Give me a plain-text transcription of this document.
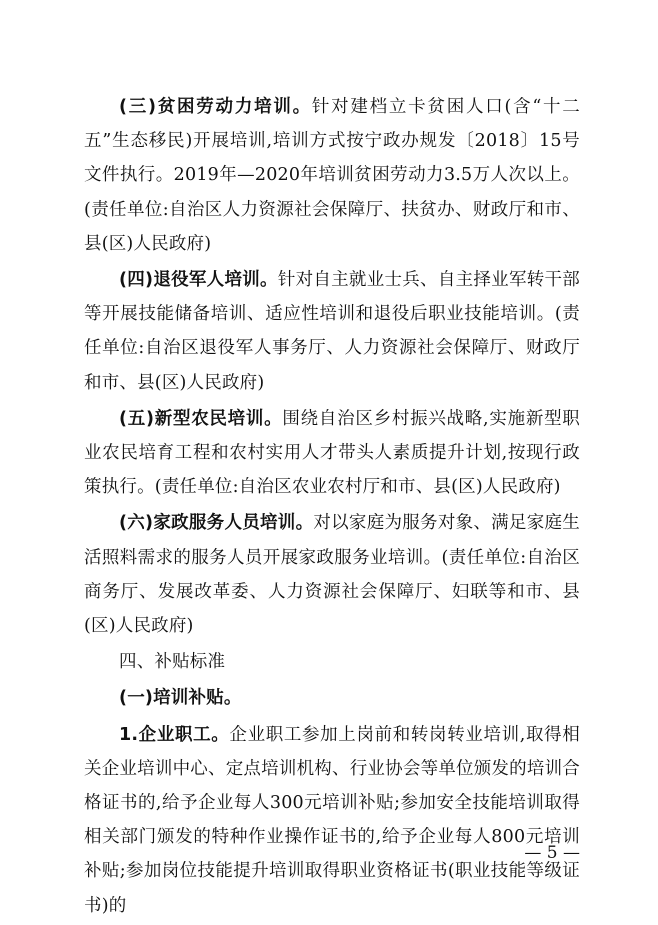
(三)贫困劳动力培训。针对建档立卡贫困人口(含“十二五”生态移民)开展培训,培训方式按宁政办规发〔2018〕15号文件执行。2019年—2020年培训贫困劳动力3.5万人次以上。(责任单位:自治区人力资源社会保障厅、扶贫办、财政厅和市、县(区)人民政府)

(四)退役军人培训。针对自主就业士兵、自主择业军转干部等开展技能储备培训、适应性培训和退役后职业技能培训。(责任单位:自治区退役军人事务厅、人力资源社会保障厅、财政厅和市、县(区)人民政府)

(五)新型农民培训。围绕自治区乡村振兴战略,实施新型职业农民培育工程和农村实用人才带头人素质提升计划,按现行政策执行。(责任单位:自治区农业农村厅和市、县(区)人民政府)

(六)家政服务人员培训。对以家庭为服务对象、满足家庭生活照料需求的服务人员开展家政服务业培训。(责任单位:自治区商务厅、发展改革委、人力资源社会保障厅、妇联等和市、县(区)人民政府)

四、补贴标准

(一)培训补贴。

1.企业职工。企业职工参加上岗前和转岗转业培训,取得相关企业培训中心、定点培训机构、行业协会等单位颁发的培训合格证书的,给予企业每人300元培训补贴;参加安全技能培训取得相关部门颁发的特种作业操作证书的,给予企业每人800元培训补贴;参加岗位技能提升培训取得职业资格证书(职业技能等级证书)的

— 5 —
